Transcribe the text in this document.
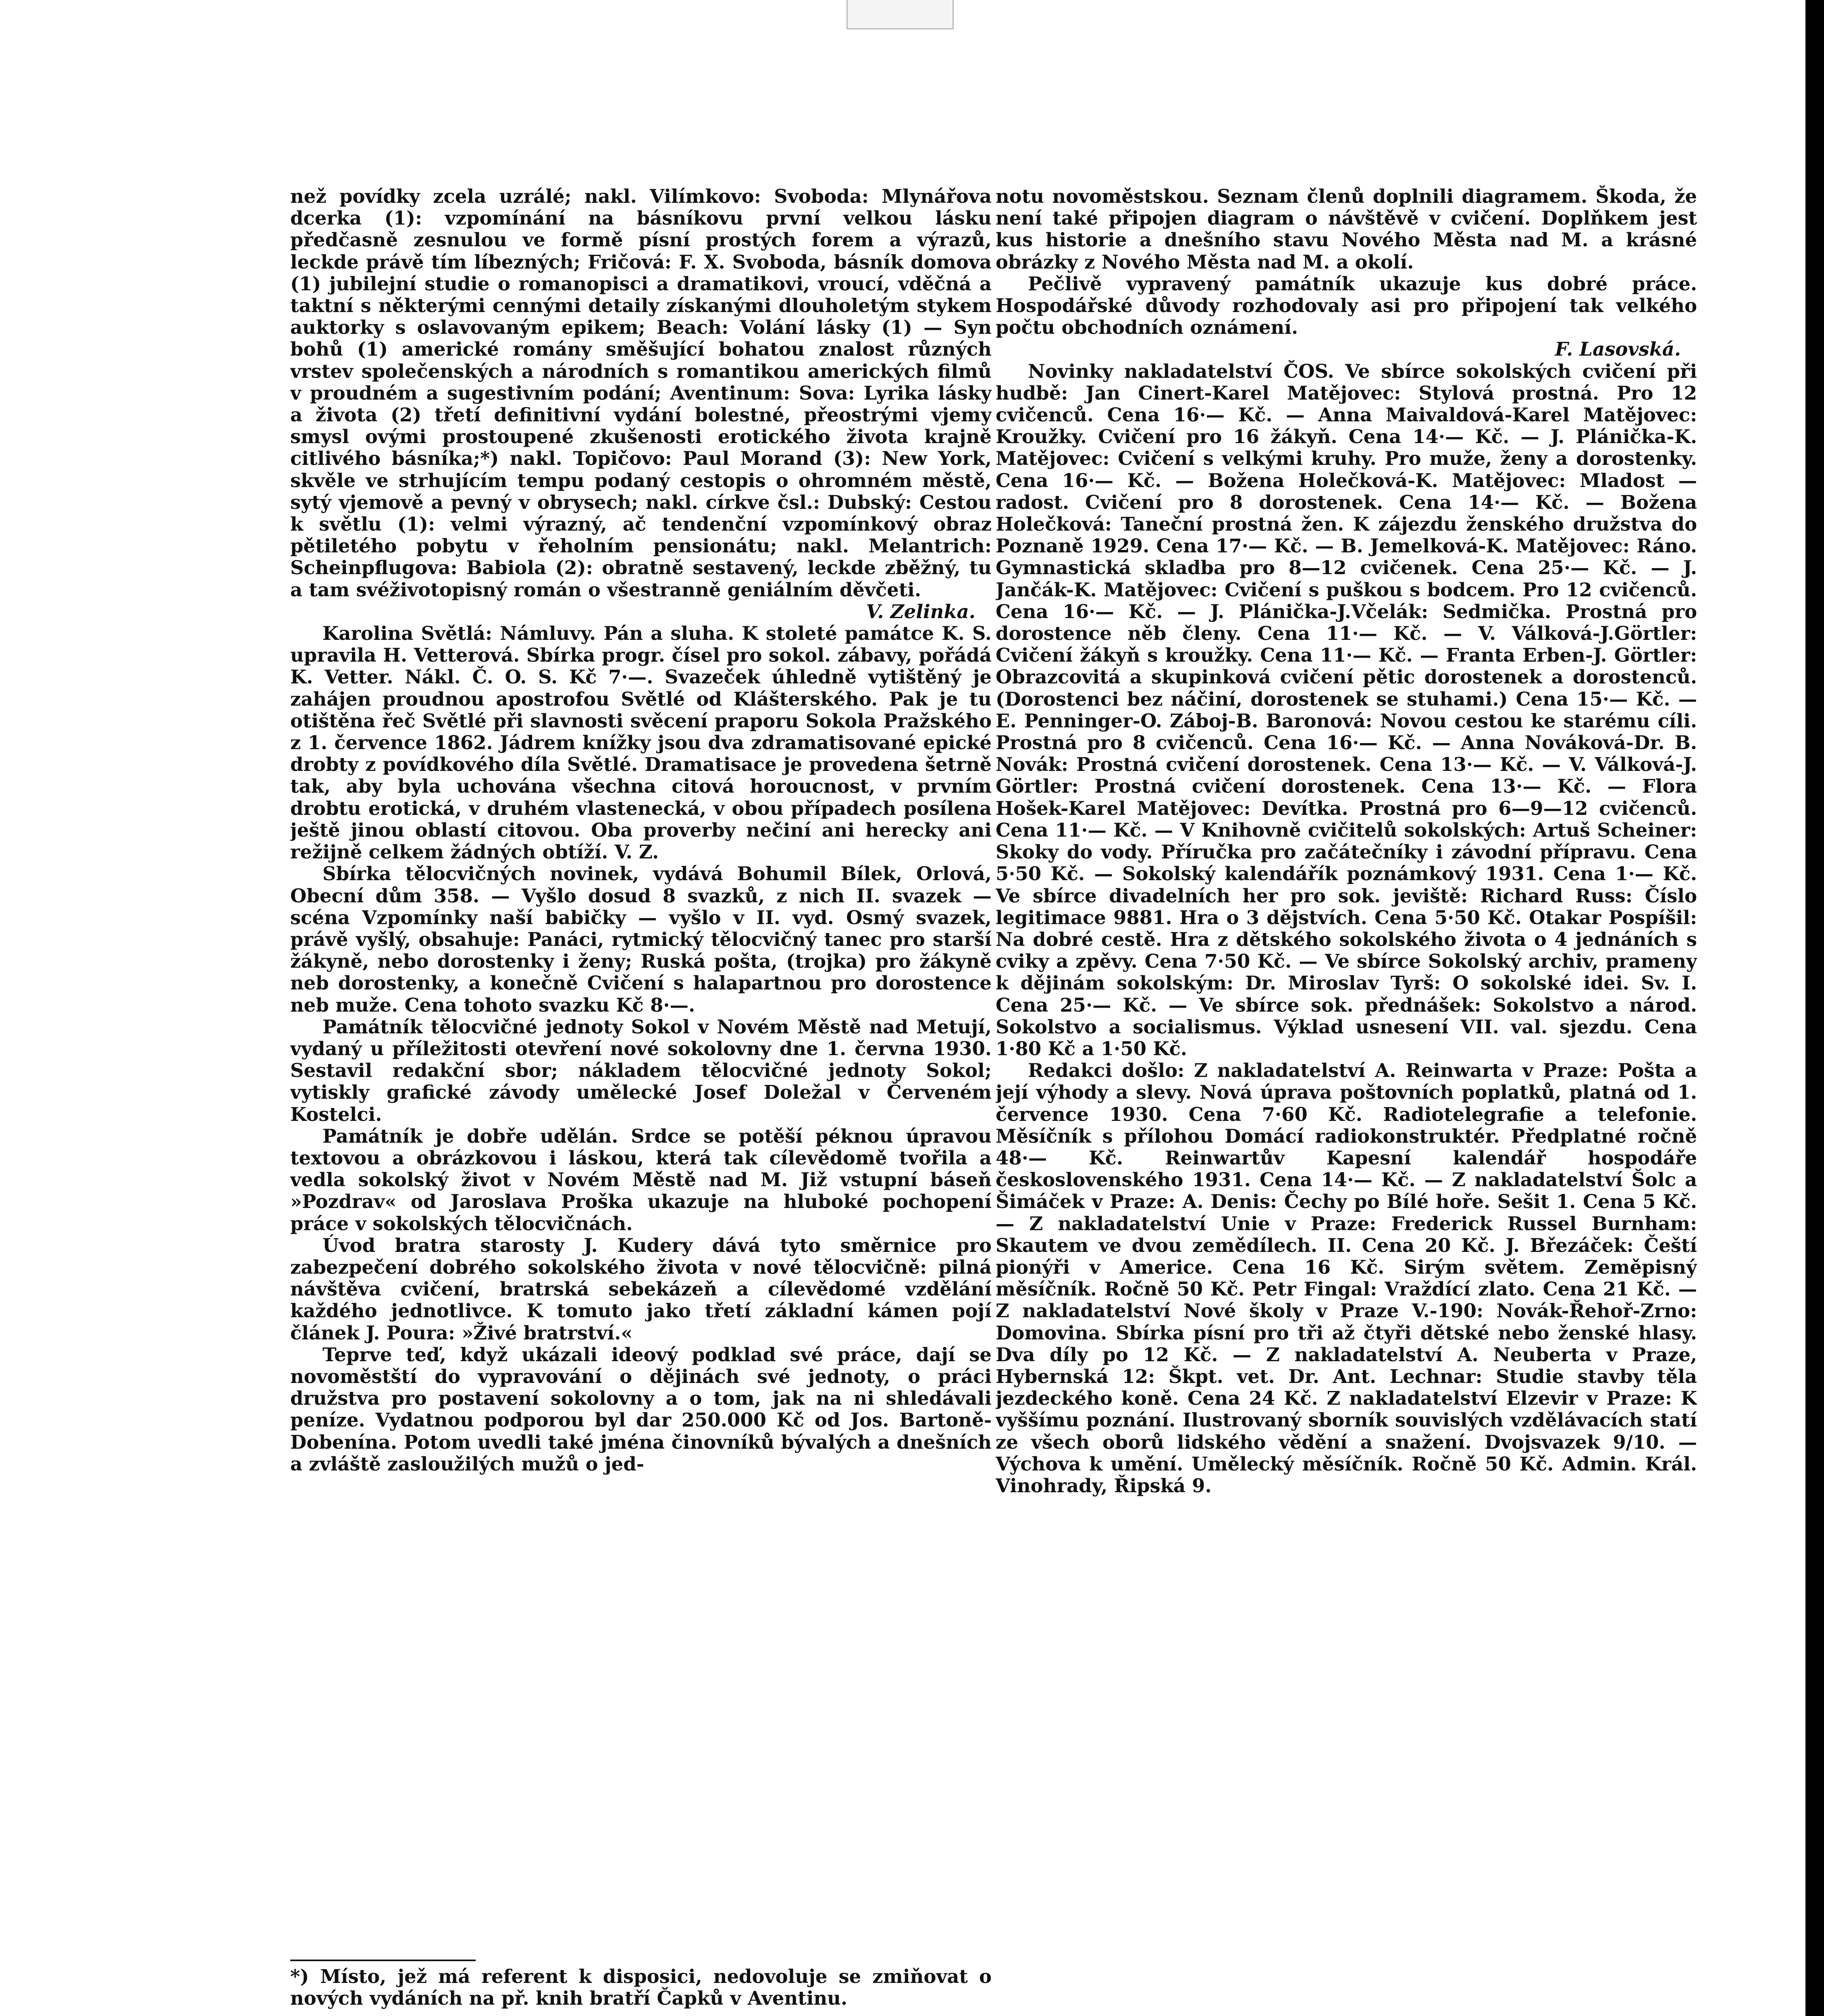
než povídky zcela uzrálé; nakl. Vilímkovo: Svoboda: Mlynářova dcerka (1): vzpomínání na básníkovu první velkou lásku předčasně zesnulou ve formě písní prostých forem a výrazů, leckde právě tím líbezných; Fričová: F. X. Svoboda, básník domova (1) jubilejní studie o romanopisci a dramatikovi, vroucí, vděčná a taktní s některými cennými detaily získanými dlouholetým stykem auktorky s oslavovaným epikem; Beach: Volání lásky (1) — Syn bohů (1) americké romány směšující bohatou znalost různých vrstev společenských a národních s romantikou amerických filmů v proudném a sugestivním podání; Aventinum: Sova: Lyrika lásky a života (2) třetí definitivní vydání bolestné, přeostrými vjemy smysl ovými prostoupené zkušenosti erotického života krajně citlivého básníka;*) nakl. Topičovo: Paul Morand (3): New York, skvěle ve strhujícím tempu podaný cestopis o ohromném městě, sytý vjemově a pevný v obrysech; nakl. církve čsl.: Dubský: Cestou k světlu (1): velmi výrazný, ač tendenční vzpomínkový obraz pětiletého pobytu v řeholním pensionátu; nakl. Melantrich: Scheinpflugova: Babiola (2): obratně sestavený, leckde zběžný, tu a tam svéživotopisný román o všestranně geniálním děvčeti.

V. Zelinka.

Karolina Světlá: Námluvy. Pán a sluha. K stoleté památce K. S. upravila H. Vetterová. Sbírka progr. čísel pro sokol. zábavy, pořádá K. Vetter. Nákl. Č. O. S. Kč 7·—. Svazeček úhledně vytištěný je zahájen proudnou apostrofou Světlé od Klášterského. Pak je tu otištěna řeč Světlé při slavnosti svěcení praporu Sokola Pražského z 1. července 1862. Jádrem knížky jsou dva zdramatisované epické drobty z povídkového díla Světlé. Dramatisace je provedena šetrně tak, aby byla uchována všechna citová horoucnost, v prvním drobtu erotická, v druhém vlastenecká, v obou případech posílena ještě jinou oblastí citovou. Oba proverby nečiní ani herecky ani režijně celkem žádných obtíží. V. Z.

Sbírka tělocvičných novinek, vydává Bohumil Bílek, Orlová, Obecní dům 358. — Vyšlo dosud 8 svazků, z nich II. svazek — scéna Vzpomínky naší babičky — vyšlo v II. vyd. Osmý svazek, právě vyšlý, obsahuje: Panáci, rytmický tělocvičný tanec pro starší žákyně, nebo dorostenky i ženy; Ruská pošta, (trojka) pro žákyně neb dorostenky, a konečně Cvičení s halapartnou pro dorostence neb muže. Cena tohoto svazku Kč 8·—.

Památník tělocvičné jednoty Sokol v Novém Městě nad Metují, vydaný u příležitosti otevření nové sokolovny dne 1. června 1930. Sestavil redakční sbor; nákladem tělocvičné jednoty Sokol; vytiskly grafické závody umělecké Josef Doležal v Červeném Kostelci.

Památník je dobře udělán. Srdce se potěší péknou úpravou textovou a obrázkovou i láskou, která tak cílevědomě tvořila a vedla sokolský život v Novém Městě nad M. Již vstupní báseň »Pozdrav« od Jaroslava Proška ukazuje na hluboké pochopení práce v sokolských tělocvičnách.

Úvod bratra starosty J. Kudery dává tyto směrnice pro zabezpečení dobrého sokolského života v nové tělocvičně: pilná návštěva cvičení, bratrská sebekázeň a cílevědomé vzdělání každého jednotlivce. K tomuto jako třetí základní kámen pojí článek J. Poura: »Živé bratrství.«

Teprve teď, když ukázali ideový podklad své práce, dají se novoměstští do vypravování o dějinách své jednoty, o práci družstva pro postavení sokolovny a o tom, jak na ni shledávali peníze. Vydatnou podporou byl dar 250.000 Kč od Jos. Bartoně-Dobenína. Potom uvedli také jména činovníků bývalých a dnešních a zvláště zasloužilých mužů o jed-

notu novoměstskou. Seznam členů doplnili diagramem. Škoda, že není také připojen diagram o návštěvě v cvičení. Doplňkem jest kus historie a dnešního stavu Nového Města nad M. a krásné obrázky z Nového Města nad M. a okolí.

Pečlivě vypravený památník ukazuje kus dobré práce. Hospodářské důvody rozhodovaly asi pro připojení tak velkého počtu obchodních oznámení.

F. Lasovská.

Novinky nakladatelství ČOS. Ve sbírce sokolských cvičení při hudbě: Jan Cinert-Karel Matějovec: Stylová prostná. Pro 12 cvičenců. Cena 16·— Kč. — Anna Maivaldová-Karel Matějovec: Kroužky. Cvičení pro 16 žákyň. Cena 14·— Kč. — J. Plánička-K. Matějovec: Cvičení s velkými kruhy. Pro muže, ženy a dorostenky. Cena 16·— Kč. — Božena Holečková-K. Matějovec: Mladost — radost. Cvičení pro 8 dorostenek. Cena 14·— Kč. — Božena Holečková: Taneční prostná žen. K zájezdu ženského družstva do Poznaně 1929. Cena 17·— Kč. — B. Jemelková-K. Matějovec: Ráno. Gymnastická skladba pro 8—12 cvičenek. Cena 25·— Kč. — J. Jančák-K. Matějovec: Cvičení s puškou s bodcem. Pro 12 cvičenců. Cena 16·— Kč. — J. Plánička-J.Včelák: Sedmička. Prostná pro dorostence něb členy. Cena 11·— Kč. — V. Válková-J.Görtler: Cvičení žákyň s kroužky. Cena 11·— Kč. — Franta Erben-J. Görtler: Obrazcovitá a skupinková cvičení pětic dorostenek a dorostenců. (Dorostenci bez náčiní, dorostenek se stuhami.) Cena 15·— Kč. — E. Penninger-O. Záboj-B. Baronová: Novou cestou ke starému cíli. Prostná pro 8 cvičenců. Cena 16·— Kč. — Anna Nováková-Dr. B. Novák: Prostná cvičení dorostenek. Cena 13·— Kč. — V. Válková-J. Görtler: Prostná cvičení dorostenek. Cena 13·— Kč. — Flora Hošek-Karel Matějovec: Devítka. Prostná pro 6—9—12 cvičenců. Cena 11·— Kč. — V Knihovně cvičitelů sokolských: Artuš Scheiner: Skoky do vody. Příručka pro začátečníky i závodní přípravu. Cena 5·50 Kč. — Sokolský kalendářík poznámkový 1931. Cena 1·— Kč. Ve sbírce divadelních her pro sok. jeviště: Richard Russ: Číslo legitimace 9881. Hra o 3 dějstvích. Cena 5·50 Kč. Otakar Pospíšil: Na dobré cestě. Hra z dětského sokolského života o 4 jednáních s cviky a zpěvy. Cena 7·50 Kč. — Ve sbírce Sokolský archiv, prameny k dějinám sokolským: Dr. Miroslav Tyrš: O sokolské idei. Sv. I. Cena 25·— Kč. — Ve sbírce sok. přednášek: Sokolstvo a národ. Sokolstvo a socialismus. Výklad usnesení VII. val. sjezdu. Cena 1·80 Kč a 1·50 Kč.

Redakci došlo: Z nakladatelství A. Reinwarta v Praze: Pošta a její výhody a slevy. Nová úprava poštovních poplatků, platná od 1. července 1930. Cena 7·60 Kč. Radiotelegrafie a telefonie. Měsíčník s přílohou Domácí radiokonstruktér. Předplatné ročně 48·— Kč. Reinwartův Kapesní kalendář hospodáře československého 1931. Cena 14·— Kč. — Z nakladatelství Šolc a Šimáček v Praze: A. Denis: Čechy po Bílé hoře. Sešit 1. Cena 5 Kč. — Z nakladatelství Unie v Praze: Frederick Russel Burnham: Skautem ve dvou zemědílech. II. Cena 20 Kč. J. Březáček: Čeští pionýři v Americe. Cena 16 Kč. Sirým světem. Zeměpisný měsíčník. Ročně 50 Kč. Petr Fingal: Vraždící zlato. Cena 21 Kč. — Z nakladatelství Nové školy v Praze V.-190: Novák-Řehoř-Zrno: Domovina. Sbírka písní pro tři až čtyři dětské nebo ženské hlasy. Dva díly po 12 Kč. — Z nakladatelství A. Neuberta v Praze, Hybernská 12: Škpt. vet. Dr. Ant. Lechnar: Studie stavby těla jezdeckého koně. Cena 24 Kč. Z nakladatelství Elzevir v Praze: K vyššímu poznání. Ilustrovaný sborník souvislých vzdělávacích statí ze všech oborů lidského vědění a snažení. Dvojsvazek 9/10. — Výchova k umění. Umělecký měsíčník. Ročně 50 Kč. Admin. Král. Vinohrady, Řipská 9.

*) Místo, jež má referent k disposici, nedovoluje se zmiňovat o nových vydáních na př. knih bratří Čapků v Aventinu.
